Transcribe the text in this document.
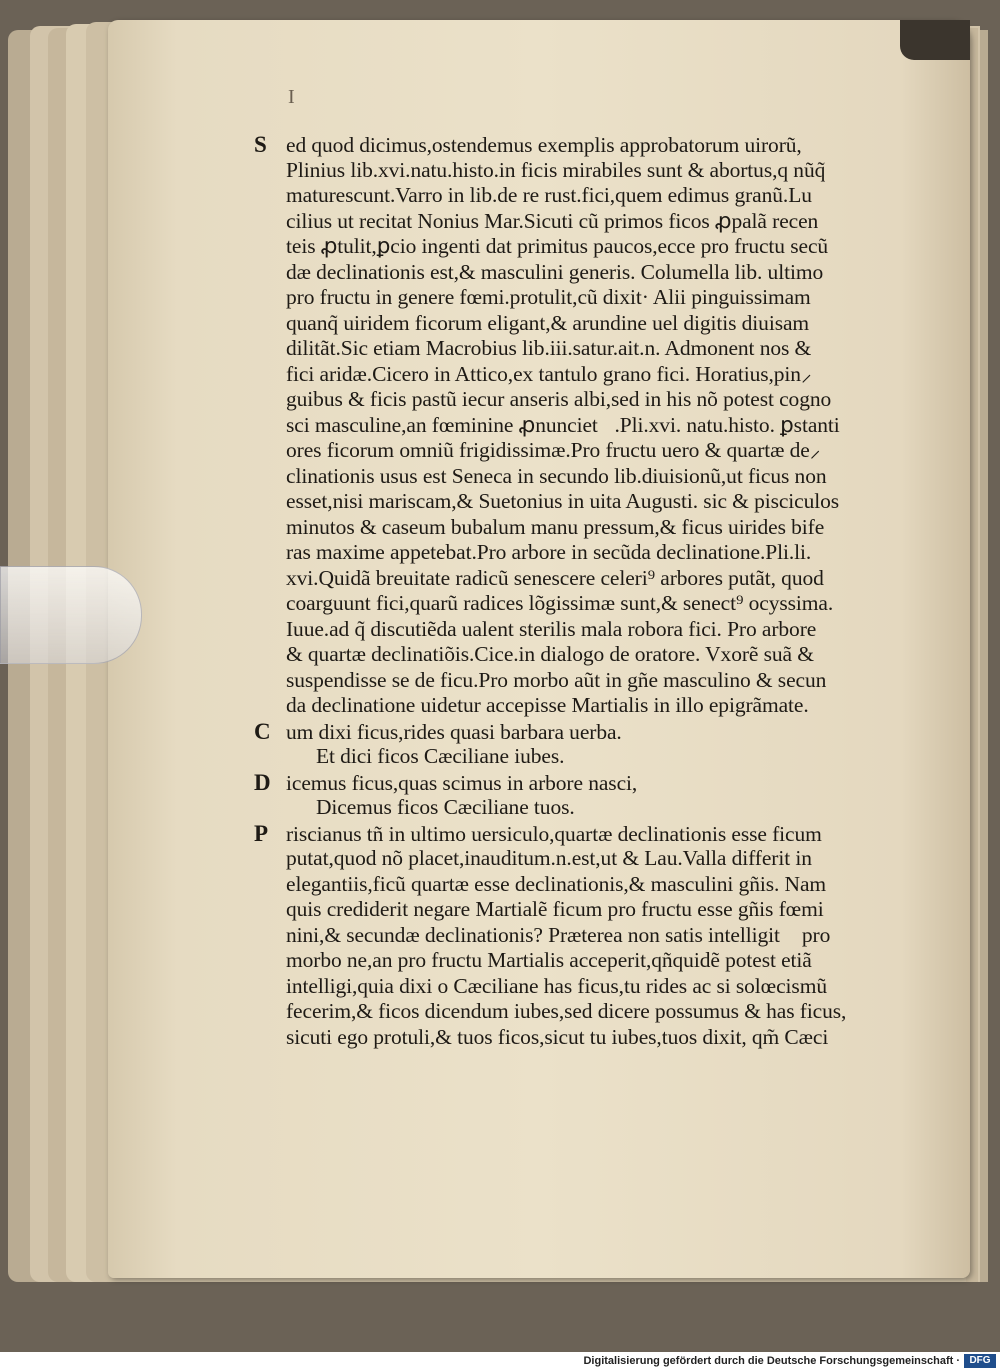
I
S ed quod dicimus,ostendemus exemplis approbatorum uirorũ,
Plinius lib.xvi.natu.histo.in ficis mirabiles sunt & abortus,q nũq̃
maturescunt.Varro in lib.de re rust.fici,quem edimus granũ.Lu
cilius ut recitat Nonius Mar.Sicuti cũ primos ficos ꝓpalã recen
teis ꝓtulit,ꝑcio ingenti dat primitus paucos,ecce pro fructu secũ
dæ declinationis est,& masculini generis. Columella lib. ultimo
pro fructu in genere fœmi.protulit,cũ dixit· Alii pinguissimam
quanq̃ uiridem ficorum eligant,& arundine uel digitis diuisam
dilitãt.Sic etiam Macrobius lib.iii.satur.ait.n. Admonent nos &
fici aridæ.Cicero in Attico,ex tantulo grano fici. Horatius,pin⸝
guibus & ficis pastũ iecur anseris albi,sed in his nõ potest cogno
sci masculine,an fœminine ꝓnuncietᷣ.Pli.xvi. natu.histo. ꝑstanti
ores ficorum omniũ frigidissimæ.Pro fructu uero & quartæ de⸝
clinationis usus est Seneca in secundo lib.diuisionũ,ut ficus non
esset,nisi mariscam,& Suetonius in uita Augusti. sic & pisciculos
minutos & caseum bubalum manu pressum,& ficus uirides bife
ras maxime appetebat.Pro arbore in secũda declinatione.Pli.li.
xvi.Quidã breuitate radicũ senescere celeri⁹ arbores putãt, quod
coarguunt fici,quarũ radices lõgissimæ sunt,& senect⁹ ocyssima.
Iuue.ad q̃ discutiẽda ualent sterilis mala robora fici. Pro arbore
& quartæ declinatiõis.Cice.in dialogo de oratore. Vxorẽ suã &
suspendisse se de ficu.Pro morbo aũt in gñe masculino & secun
da declinatione uidetur accepisse Martialis in illo epigrãmate.
C um dixi ficus,rides quasi barbara uerba.
Et dici ficos Cæciliane iubes.
D icemus ficus,quas scimus in arbore nasci,
Dicemus ficos Cæciliane tuos.
P riscianus tñ in ultimo uersiculo,quartæ declinationis esse ficum
putat,quod nõ placet,inauditum.n.est,ut & Lau.Valla differit in
elegantiis,ficũ quartæ esse declinationis,& masculini gñis. Nam
quis crediderit negare Martialẽ ficum pro fructu esse gñis fœmi
nini,& secundæ declinationis? Præterea non satis intelligitᷣ pro
morbo ne,an pro fructu Martialis acceperit,qñquidẽ potest etiã
intelligi,quia dixi o Cæciliane has ficus,tu rides ac si solœcismũ
fecerim,& ficos dicendum iubes,sed dicere possumus & has ficus,
sicuti ego protuli,& tuos ficos,sicut tu iubes,tuos dixit, qm̃ Cæci
Digitalisierung gefördert durch die Deutsche Forschungsgemeinschaft · DFG
